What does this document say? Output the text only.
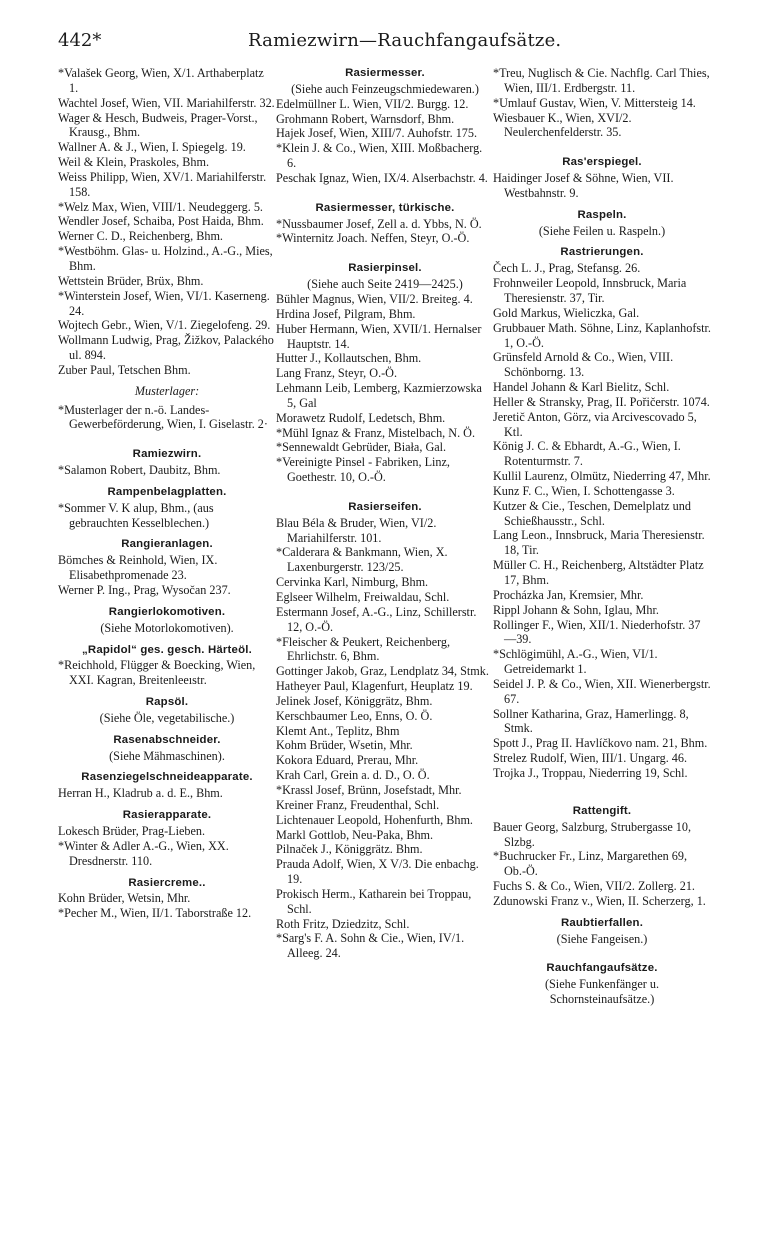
442*	Ramiezwirn—Rauchfangaufsätze.

*Valašek Georg, Wien, X/1. Arthaberplatz 1.

Wachtel Josef, Wien, VII. Mariahilferstr. 32.

Wager & Hesch, Budweis, Prager-Vorst., Krausg., Bhm.

Wallner A. & J., Wien, I. Spiegelg. 19.

Weil & Klein, Praskoles, Bhm.

Weiss Philipp, Wien, XV/1. Mariahilferstr. 158.

*Welz Max, Wien, VIII/1. Neudeggerg. 5.

Wendler Josef, Schaiba, Post Haida, Bhm.

Werner C. D., Reichenberg, Bhm.

*Westböhm. Glas- u. Holzind., A.-G., Mies, Bhm.

Wettstein Brüder, Brüx, Bhm.

*Winterstein Josef, Wien, VI/1. Kaserneng. 24.

Wojtech Gebr., Wien, V/1. Ziegelofeng. 29.

Wollmann Ludwig, Prag, Žižkov, Palackého ul. 894.

Zuber Paul, Tetschen Bhm.

Musterlager:

*Musterlager der n.-ö. Landes-Gewerbeförderung, Wien, I. Giselastr. 2·

Ramiezwirn.

*Salamon Robert, Daubitz, Bhm.

Rampenbelagplatten.

*Sommer V. K alup, Bhm., (aus gebrauchten Kesselblechen.)

Rangieranlagen.

Bömches & Reinhold, Wien, IX. Elisabethpromenade 23.

Werner P. Ing., Prag, Wysočan 237.

Rangierlokomotiven.

(Siehe Motorlokomotiven).

„Rapidol“ ges. gesch. Härteöl.

*Reichhold, Flügger & Boecking, Wien, XXI. Kagran, Breitenleeıstr.

Rapsöl.

(Siehe Öle, vegetabilische.)

Rasenabschneider.

(Siehe Mähmaschinen).

Rasenziegelschneideapparate.

Herran H., Kladrub a. d. E., Bhm.

Rasierapparate.

Lokesch Brüder, Prag-Lieben.

*Winter & Adler A.-G., Wien, XX. Dresdnerstr. 110.

Rasiercreme..

Kohn Brüder, Wetsin, Mhr.

*Pecher M., Wien, II/1. Taborstraße 12.

Rasiermesser.

(Siehe auch Feinzeugschmiedewaren.)

Edelmüllner L. Wien, VII/2. Burgg. 12.

Grohmann Robert, Warnsdorf, Bhm.

Hajek Josef, Wien, XIII/7. Auhofstr. 175.

*Klein J. & Co., Wien, XIII. Moßbacherg. 6.

Peschak Ignaz, Wien, IX/4. Alserbachstr. 4.

Rasiermesser, türkische.

*Nussbaumer Josef, Zell a. d. Ybbs, N. Ö.

*Winternitz Joach. Neffen, Steyr, O.-Ö.

Rasierpinsel.

(Siehe auch Seite 2419—2425.)

Bühler Magnus, Wien, VII/2. Breiteg. 4.

Hrdina Josef, Pilgram, Bhm.

Huber Hermann, Wien, XVII/1. Hernalser Hauptstr. 14.

Hutter J., Kollautschen, Bhm.

Lang Franz, Steyr, O.-Ö.

Lehmann Leib, Lemberg, Kazmierzowska 5, Gal

Morawetz Rudolf, Ledetsch, Bhm.

*Mühl Ignaz & Franz, Mistelbach, N. Ö.

*Sennewaldt Gebrüder, Biała, Gal.

*Vereinigte Pinsel - Fabriken, Linz, Goethestr. 10, O.-Ö.

Rasierseifen.

Blau Béla & Bruder, Wien, VI/2. Mariahilferstr. 101.

*Calderara & Bankmann, Wien, X. Laxenburgerstr. 123/25.

Cervinka Karl, Nimburg, Bhm.

Eglseer Wilhelm, Freiwaldau, Schl.

Estermann Josef, A.-G., Linz, Schillerstr. 12, O.-Ö.

*Fleischer & Peukert, Reichenberg, Ehrlichstr. 6, Bhm.

Gottinger Jakob, Graz, Lendplatz 34, Stmk.

Hatheyer Paul, Klagenfurt, Heuplatz 19.

Jelinek Josef, Königgrätz, Bhm.

Kerschbaumer Leo, Enns, O. Ö.

Klemt Ant., Teplitz, Bhm

Kohm Brüder, Wsetin, Mhr.

Kokora Eduard, Prerau, Mhr.

Krah Carl, Grein a. d. D., O. Ö.

*Krassl Josef, Brünn, Josefstadt, Mhr.

Kreiner Franz, Freudenthal, Schl.

Lichtenauer Leopold, Hohenfurth, Bhm.

Markl Gottlob, Neu-Paka, Bhm.

Pilnaček J., Königgrätz. Bhm.

Prauda Adolf, Wien, X V/3. Die enbachg. 19.

Prokisch Herm., Katharein bei Troppau, Schl.

Roth Fritz, Dziedzitz, Schl.

*Sarg's F. A. Sohn & Cie., Wien, IV/1. Alleeg. 24.

*Treu, Nuglisch & Cie. Nachflg. Carl Thies, Wien, III/1. Erdbergstr. 11.

*Umlauf Gustav, Wien, V. Mittersteig 14.

Wiesbauer K., Wien, XVI/2. Neulerchenfelderstr. 35.

Ras'erspiegel.

Haidinger Josef & Söhne, Wien, VII. Westbahnstr. 9.

Raspeln.

(Siehe Feilen u. Raspeln.)

Rastrierungen.

Čech L. J., Prag, Stefansg. 26.

Frohnweiler Leopold, Innsbruck, Maria Theresienstr. 37, Tir.

Gold Markus, Wieliczka, Gal.

Grubbauer Math. Söhne, Linz, Kaplanhofstr. 1, O.-Ö.

Grünsfeld Arnold & Co., Wien, VIII. Schönborng. 13.

Handel Johann & Karl Bielitz, Schl.

Heller & Stransky, Prag, II. Pořičerstr. 1074.

Jeretič Anton, Görz, via Arcivescovado 5, Ktl.

König J. C. & Ebhardt, A.-G., Wien, I. Rotenturmstr. 7.

Kullil Laurenz, Olmütz, Niederring 47, Mhr.

Kunz F. C., Wien, I. Schottengasse 3.

Kutzer & Cie., Teschen, Demelplatz und Schießhausstr., Schl.

Lang Leon., Innsbruck, Maria Theresienstr. 18, Tir.

Müller C. H., Reichenberg, Altstädter Platz 17, Bhm.

Procházka Jan, Kremsier, Mhr.

Rippl Johann & Sohn, Iglau, Mhr.

Rollinger F., Wien, XII/1. Niederhofstr. 37—39.

*Schlögimühl, A.-G., Wien, VI/1. Getreidemarkt 1.

Seidel J. P. & Co., Wien, XII. Wienerbergstr. 67.

Sollner Katharina, Graz, Hamerlingg. 8, Stmk.

Spott J., Prag II. Havlíčkovo nam. 21, Bhm.

Strelez Rudolf, Wien, III/1. Ungarg. 46.

Trojka J., Troppau, Niederring 19, Schl.

Rattengift.

Bauer Georg, Salzburg, Strubergasse 10, Slzbg.

*Buchrucker Fr., Linz, Margarethen 69, Ob.-Ö.

Fuchs S. & Co., Wien, VII/2. Zollerg. 21.

Zdunowski Franz v., Wien, II. Scherzerg, 1.

Raubtierfallen.

(Siehe Fangeisen.)

Rauchfangaufsätze.

(Siehe Funkenfänger u. Schornsteinaufsätze.)
